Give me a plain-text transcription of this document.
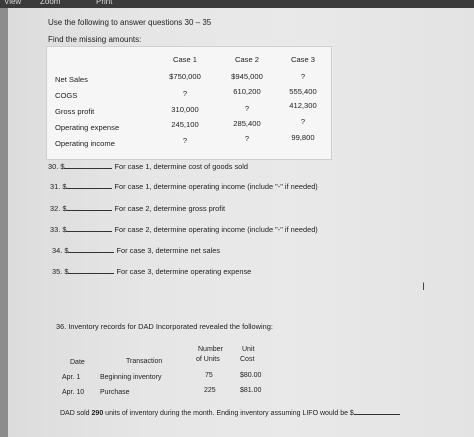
View Zoom	Print
Use the following to answer questions 30 – 35
Find the missing amounts:
Case 1	Case 2	Case 3
Net Sales	$750,000	$945,000	?
COGS	?	610,200	555,400
Gross profit	310,000	?	412,300
Operating expense	245,100	285,400	?
Operating income	?	?	99,800
30. $	For case 1, determine cost of goods sold
31. $	For case 1, determine operating income (include "-" if needed)
32. $	For case 2, determine gross profit
33. $	For case 2, determine operating income (include "-" if needed)
34. $	For case 3, determine net sales
35. $	For case 3, determine operating expense
I
36. Inventory records for DAD Incorporated revealed the following:
Number
of Units
Unit
Cost
Date	Transaction
Apr. 1	Beginning inventory	75	$80.00
Apr. 10 Purchase	225	$81.00
DAD sold 290 units of inventory during the month. Ending inventory assuming LIFO would be $
